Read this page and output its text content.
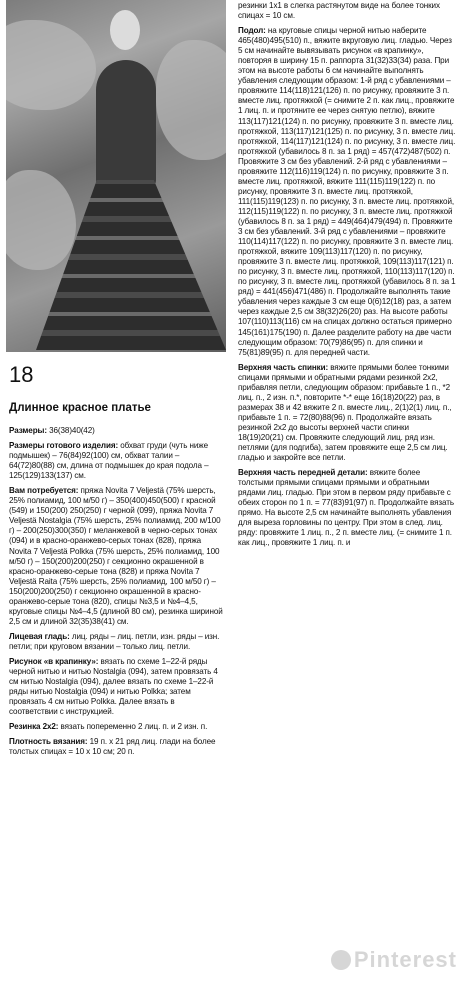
18
Длинное красное платье
Размеры: 36(38)40(42)
Размеры готового изделия: обхват груди (чуть ниже подмышек) – 76(84)92(100) см, обхват талии – 64(72)80(88) см, длина от подмышек до края подола – 125(129)133(137) см.
Вам потребуется: пряжа Novita 7 Veljestä (75% шерсть, 25% полиамид, 100 м/50 г) – 350(400)450(500) г красной (549) и 150(200) 250(250) г черной (099), пряжа Novita 7 Veljestä Nostalgia (75% шерсть, 25% полиамид, 200 м/100 г) – 200(250)300(350) г меланжевой в черно-серых тонах (094) и в красно-оранжево-серых тонах (828), пряжа Novita 7 Veljestä Polkka (75% шерсть, 25% полиамид, 100 м/50 г) – 150(200)200(250) г секционно окрашенной в красно-оранжево-серые тона (828) и пряжа Novita 7 Veljestä Raita (75% шерсть, 25% полиамид, 100 м/50 г) – 150(200)200(250) г секционно окрашенной в красно-оранжево-серые тона (820), спицы №3,5 и №4–4,5, круговые спицы №4–4,5 (длиной 80 см), резинка шириной 2,5 см и длиной 32(35)38(41) см.
Лицевая гладь: лиц. ряды – лиц. петли, изн. ряды – изн. петли; при круговом вязании – только лиц. петли.
Рисунок «в крапинку»: вязать по схеме 1–22-й ряды черной нитью и нитью Nostalgia (094), затем провязать 4 см нитью Nostalgia (094), далее вязать по схеме 1–22-й ряды нитью Nostalgia (094) и нитью Polkka; затем провязать 4 см нитью Polkka. Далее вязать в соответствии с инструкцией.
Резинка 2х2: вязать попеременно 2 лиц. п. и 2 изн. п.
Плотность вязания: 19 п. х 21 ряд лиц. глади на более толстых спицах = 10 х 10 см; 20 п.
резинки 1х1 в слегка растянутом виде на более тонких спицах = 10 см.
Подол: на круговые спицы черной нитью наберите 465(480)495(510) п., вяжите вкруговую лиц. гладью. Через 5 см начинайте вывязывать рисунок «в крапинку», повторяя в ширину 15 п. раппорта 31(32)33(34) раза. При этом на высоте работы 6 см начинайте выполнять убавления следующим образом: 1-й ряд с убавлениями – провяжите 114(118)121(126) п. по рисунку, провяжите 3 п. вместе лиц. протяжкой (= снимите 2 п. как лиц., провяжите 1 лиц. п. и протяните ее через снятую петлю), вяжите 113(117)121(124) п. по рисунку, провяжите 3 п. вместе лиц. протяжкой, 113(117)121(125) п. по рисунку, 3 п. вместе лиц. протяжкой, 114(117)121(124) п. по рисунку, 3 п. вместе лиц. протяжкой (убавилось 8 п. за 1 ряд) = 457(472)487(502) п. Провяжите 3 см без убавлений. 2-й ряд с убавлениями – провяжите 112(116)119(124) п. по рисунку, провяжите 3 п. вместе лиц. протяжкой, вяжите 111(115)119(122) п. по рисунку, провяжите 3 п. вместе лиц. протяжкой, 111(115)119(123) п. по рисунку, 3 п. вместе лиц. протяжкой, 112(115)119(122) п. по рисунку, 3 п. вместе лиц. протяжкой (убавилось 8 п. за 1 ряд) = 449(464)479(494) п. Провяжите 3 см без убавлений. 3-й ряд с убавлениями – провяжите 110(114)117(122) п. по рисунку, провяжите 3 п. вместе лиц. протяжкой, вяжите 109(113)117(120) п. по рисунку, провяжите 3 п. вместе лиц. протяжкой, 109(113)117(121) п. по рисунку, 3 п. вместе лиц. протяжкой, 110(113)117(120) п. по рисунку, 3 п. вместе лиц. протяжкой (убавилось 8 п. за 1 ряд) = 441(456)471(486) п. Продолжайте выполнять такие убавления через каждые 3 см еще 0(6)12(18) раз, а затем через каждые 2,5 см 38(32)26(20) раз. На высоте работы 107(110)113(116) см на спицах должно остаться примерно 145(161)175(190) п. Далее разделите работу на две части следующим образом: 70(79)86(95) п. для спинки и 75(81)89(95) п. для передней части.
Верхняя часть спинки: вяжите прямыми более тонкими спицами прямыми и обратными рядами резинкой 2х2, прибавляя петли, следующим образом: прибавьте 1 п., *2 лиц. п., 2 изн. п.*, повторите *-* еще 16(18)20(22) раз, в размерах 38 и 42 вяжите 2 п. вместе лиц., 2(1)2(1) лиц. п., прибавьте 1 п. = 72(80)88(96) п. Продолжайте вязать резинкой 2х2 до высоты верхней части спинки 18(19)20(21) см. Провяжите следующий лиц. ряд изн. петлями (для подгиба), затем провяжите еще 2,5 см лиц. гладью и закройте все петли.
Верхняя часть передней детали: вяжите более толстыми прямыми спицами прямыми и обратными рядами лиц. гладью. При этом в первом ряду прибавьте с обеих сторон по 1 п. = 77(83)91(97) п. Продолжайте вязать прямо. На высоте 2,5 см начинайте выполнять убавления для выреза горловины по центру. При этом в след. лиц. ряду: провяжите 1 лиц. п., 2 п. вместе лиц. (= снимите 1 п. как лиц., провяжите 1 лиц. п. и
Pinterest
